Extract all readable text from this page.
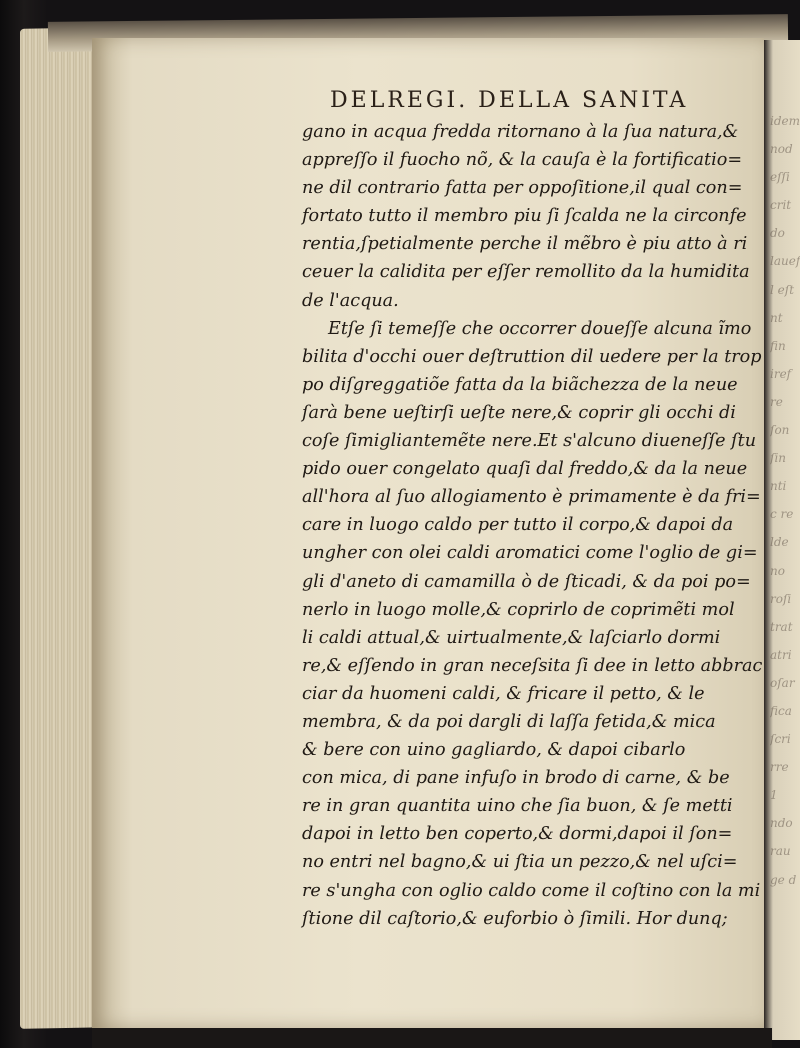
idem
nod
eſſi
crit
do
lauef
l eſt
nt
fin
iref
re
ſon
ſin
nti
c re
lde
no
roſi
trat
atri
oſar
fica
ſcri
rre
1
ndo
rau
ge d
DELREGI. DELLA SANITA
gano in acqua fredda ritornano à la ſua natura,&
appreſſo il fuocho nõ, & la cauſa è la fortificatio=
ne dil contrario fatta per oppoſitione,il qual con=
fortato tutto il membro piu ſi ſcalda ne la circonfe
rentia,ſpetialmente perche il mẽbro è piu atto à ri
ceuer la calidita per eſſer remollito da la humidita
de l'acqua.
Etſe ſi temeſſe che occorrer doueſſe alcuna ĩmo
bilita d'occhi ouer deſtruttion dil uedere per la trop
po diſgreggatiõe fatta da la biãchezza de la neue
ſarà bene ueſtirſi ueſte nere,& coprir gli occhi di
coſe ſimigliantemẽte nere.Et s'alcuno diueneſſe ſtu
pido ouer congelato quaſi dal freddo,& da la neue
all'hora al ſuo allogiamento è primamente è da fri=
care in luogo caldo per tutto il corpo,& dapoi da
ungher con olei caldi aromatici come l'oglio de gi=
gli d'aneto di camamilla ò de ſticadi, & da poi po=
nerlo in luogo molle,& coprirlo de coprimẽti mol
li caldi attual,& uirtualmente,& laſciarlo dormi
re,& eſſendo in gran neceſsita ſi dee in letto abbrac
ciar da huomeni caldi, & fricare il petto, & le
membra, & da poi dargli di laſſa fetida,& mica
& bere con uino gagliardo, & dapoi cibarlo
con mica, di pane infuſo in brodo di carne, & be
re in gran quantita uino che ſia buon, & ſe metti
dapoi in letto ben coperto,& dormi,dapoi il ſon=
no entri nel bagno,& ui ſtia un pezzo,& nel uſci=
re s'ungha con oglio caldo come il coſtino con la mi
ſtione dil caſtorio,& euforbio ò ſimili. Hor dunq;
